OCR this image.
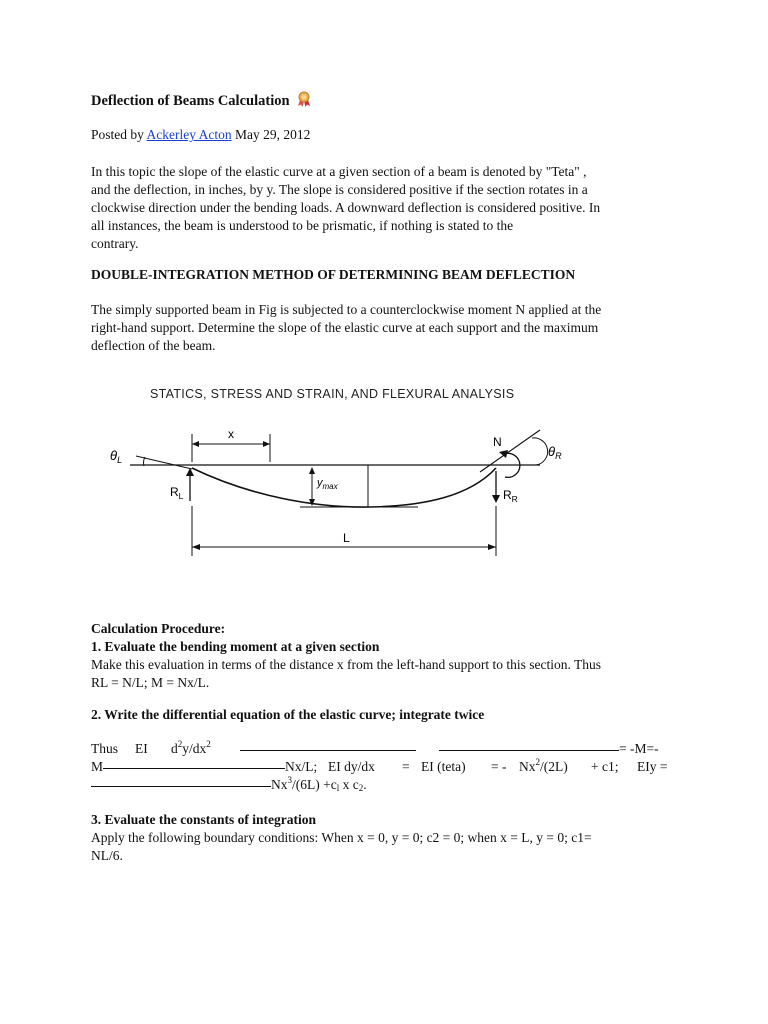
Deflection of Beams Calculation
Posted by Ackerley Acton May 29, 2012
In this topic the slope of the elastic curve at a given section of a beam is denoted by "Teta" ,
and the deflection, in inches, by y. The slope is considered positive if the section rotates in a
clockwise direction under the bending loads. A downward deflection is considered positive. In
all instances, the beam is understood to be prismatic, if nothing is stated to the
contrary.
DOUBLE-INTEGRATION METHOD OF DETERMINING BEAM DEFLECTION
The simply supported beam in Fig is subjected to a counterclockwise moment N applied at the
right-hand support. Determine the slope of the elastic curve at each support and the maximum
deflection of the beam.
STATICS, STRESS AND STRAIN, AND FLEXURAL ANALYSIS
$\theta_L$
$\theta_R$
x
N
$R_L$	$R_R$
$y_{max}$
L
Calculation Procedure:
1. Evaluate the bending moment at a given section
Make this evaluation in terms of the distance x from the left-hand support to this section. Thus
RL = N/L; M = Nx/L.
2. Write the differential equation of the elastic curve; integrate twice
Thus EI $d^2y/dx^2$	= -M=-
M	Nx/L; EI dy/dx = EI (teta) = - $Nx^2/(2L) + c1$; EIy =
$Nx^3/(6L) +c_l$ x $c_2$.
3. Evaluate the constants of integration
Apply the following boundary conditions: When x = 0, y = 0; c2 = 0; when x = L, y = 0; c1=
NL/6.
